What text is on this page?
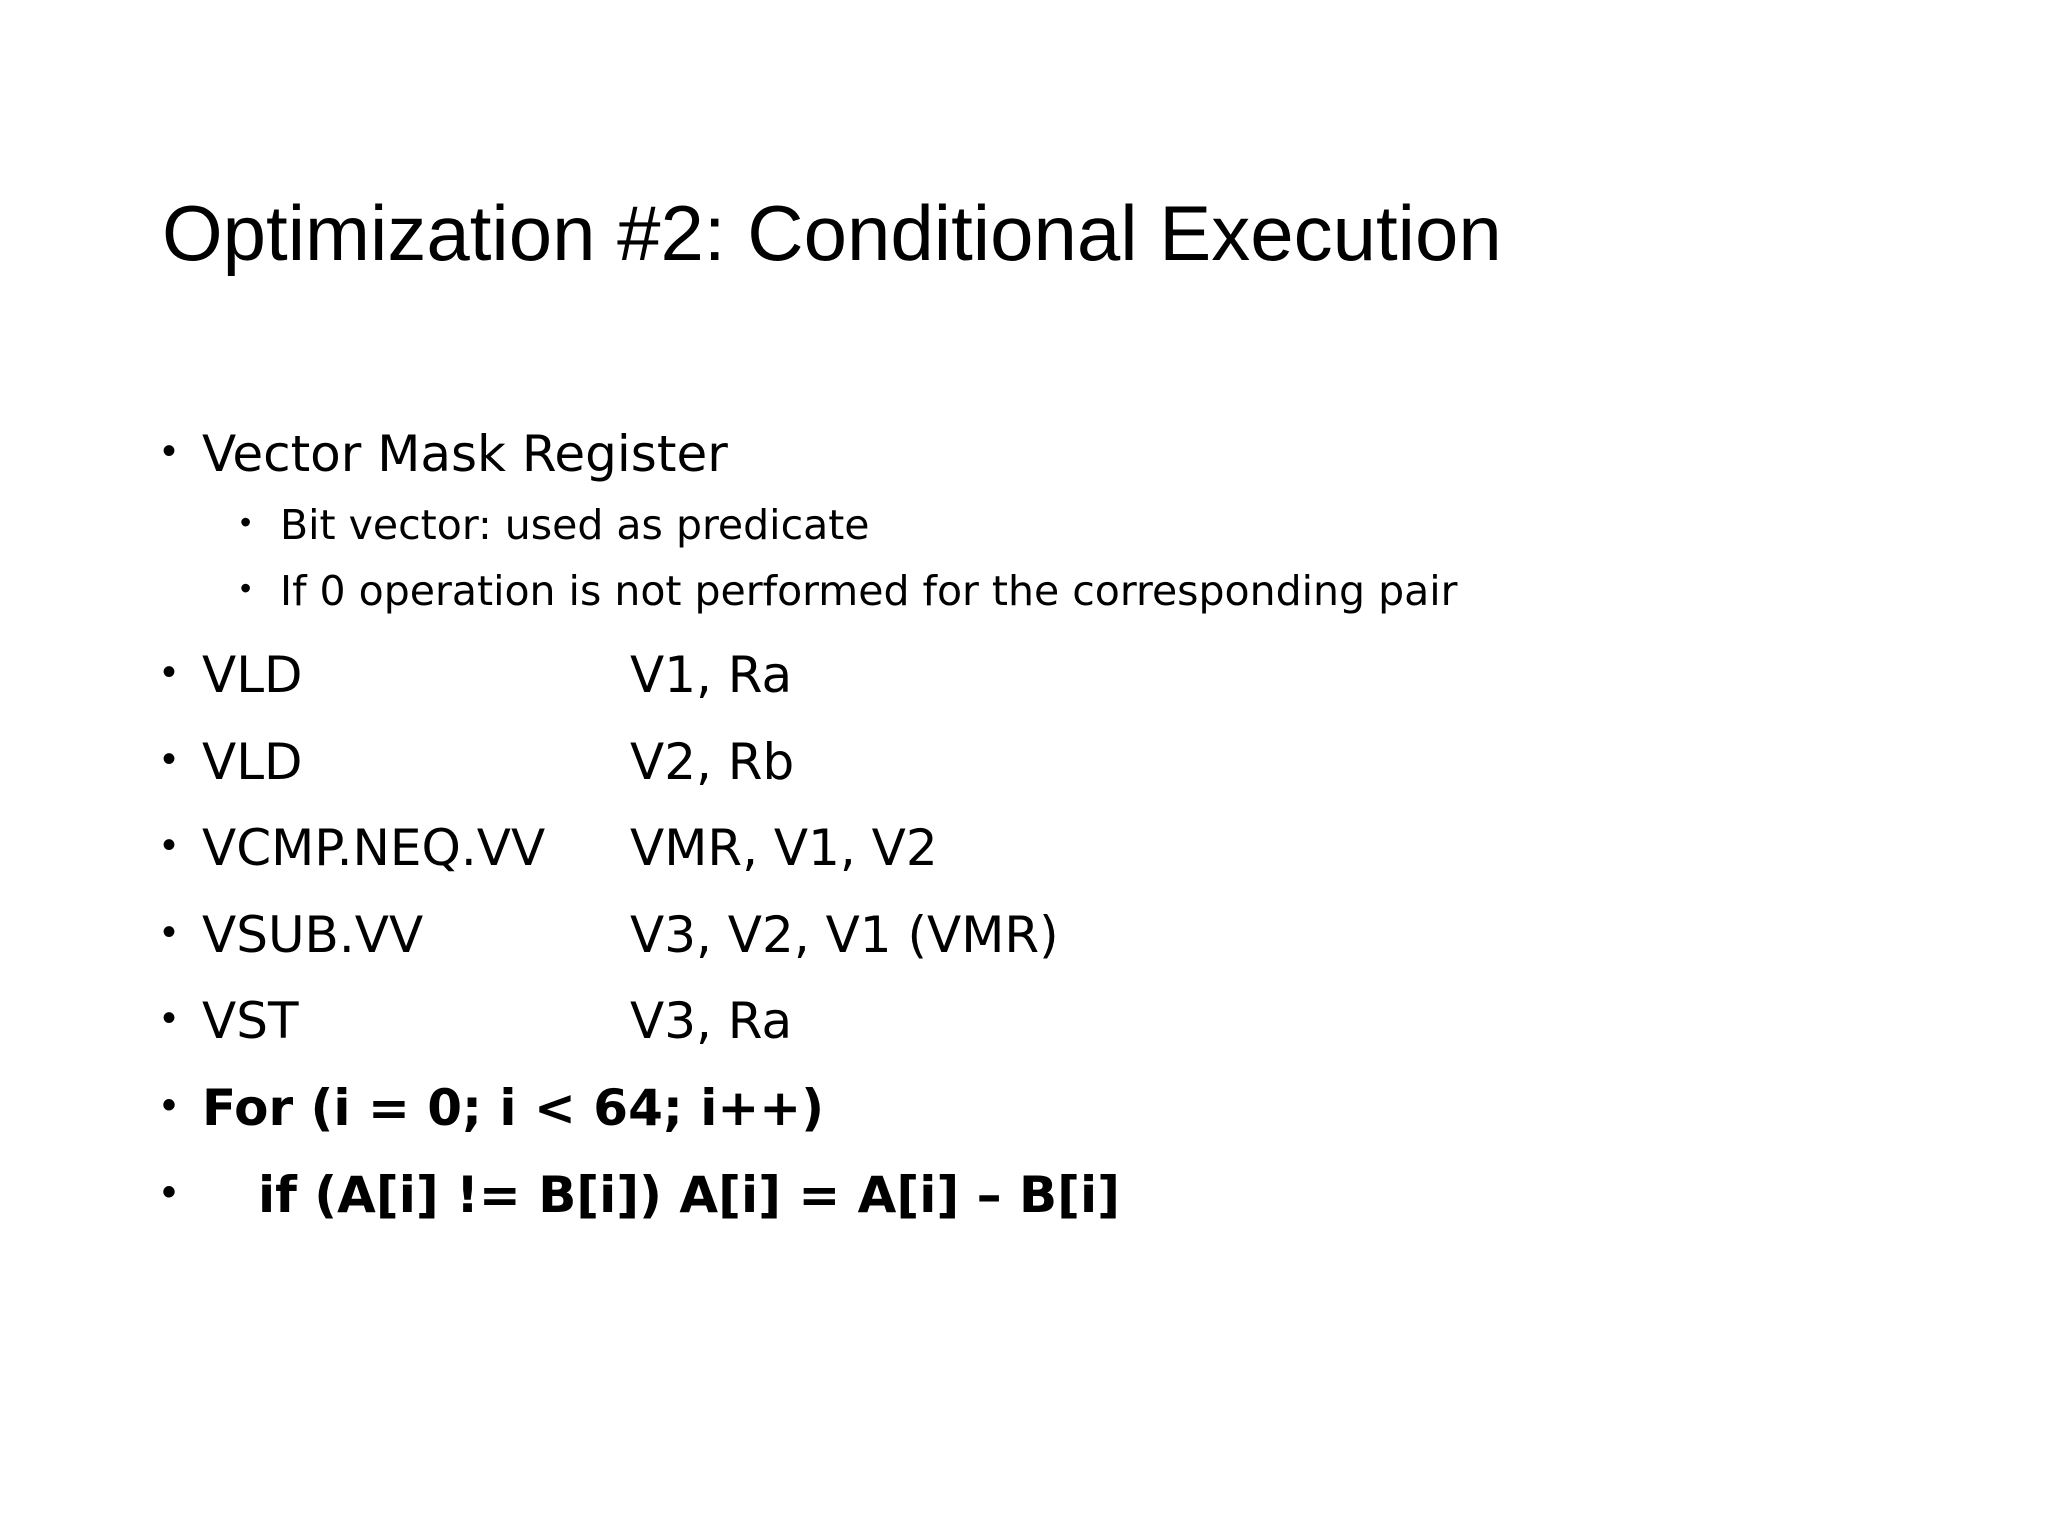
Optimization #2: Conditional Execution
• Vector Mask Register
• Bit vector: used as predicate
• If 0 operation is not performed for the corresponding pair
• VLD	V1, Ra
• VLD	V2, Rb
• VCMP.NEQ.VV VMR, V1, V2
• VSUB.VV	V3, V2, V1 (VMR)
• VST	V3, Ra
• For (i = 0; i < 64; i++)
• if (A[i] != B[i]) A[i] = A[i] – B[i]
